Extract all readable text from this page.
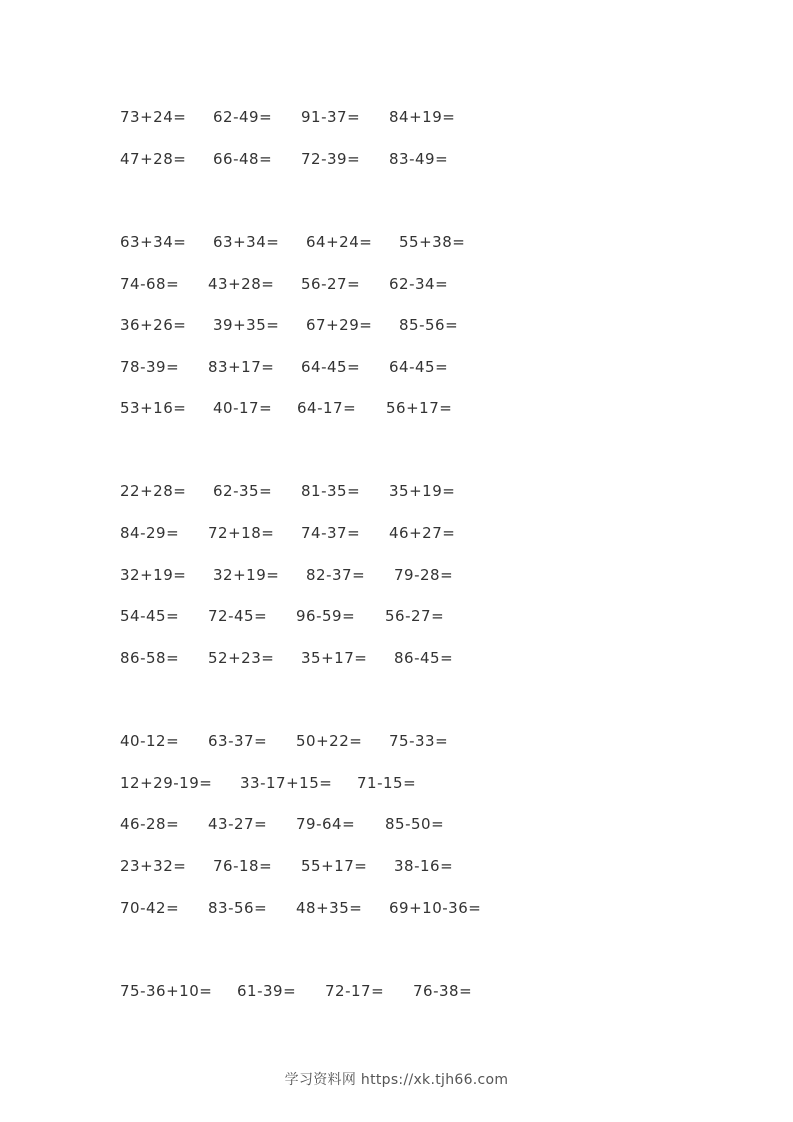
73+24= 62-49= 91-37= 84+19=
47+28= 66-48= 72-39= 83-49=
63+34= 63+34= 64+24= 55+38=
74-68= 43+28= 56-27= 62-34=
36+26= 39+35= 67+29= 85-56=
78-39= 83+17= 64-45= 64-45=
53+16= 40-17= 64-17= 56+17=
22+28= 62-35= 81-35= 35+19=
84-29= 72+18= 74-37= 46+27=
32+19= 32+19= 82-37= 79-28=
54-45= 72-45= 96-59= 56-27=
86-58= 52+23= 35+17= 86-45=
40-12= 63-37= 50+22= 75-33=
12+29-19= 33-17+15= 71-15=
46-28= 43-27= 79-64= 85-50=
23+32= 76-18= 55+17= 38-16=
70-42= 83-56= 48+35= 69+10-36=
75-36+10= 61-39= 72-17= 76-38=
学习资料网 https://xk.tjh66.com
